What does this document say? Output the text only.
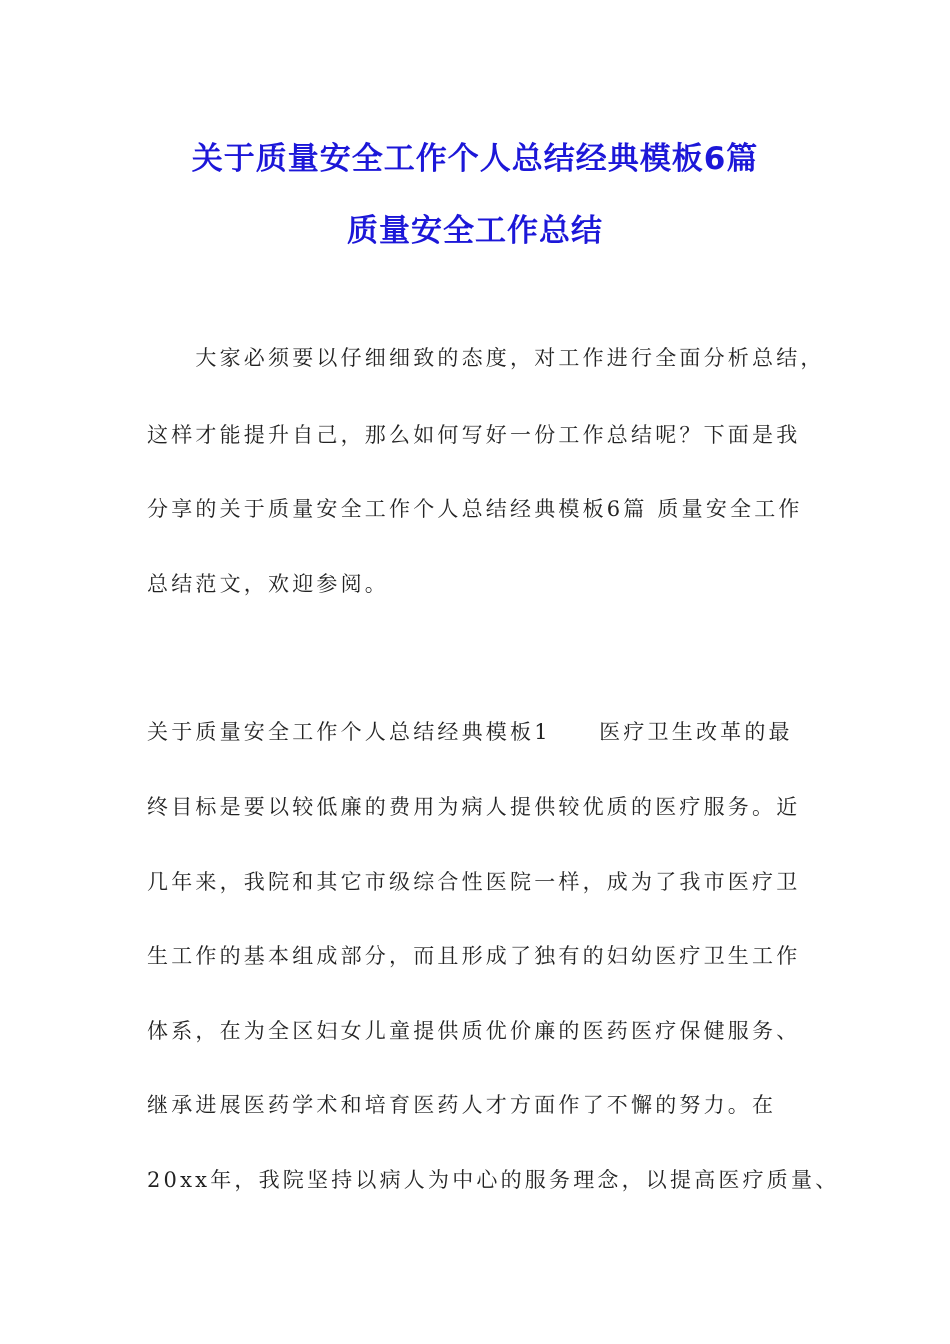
关于质量安全工作个人总结经典模板6篇
质量安全工作总结
　　大家必须要以仔细细致的态度，对工作进行全面分析总结，
这样才能提升自己，那么如何写好一份工作总结呢？下面是我
分享的关于质量安全工作个人总结经典模板6篇 质量安全工作
总结范文，欢迎参阅。
关于质量安全工作个人总结经典模板1　　医疗卫生改革的最
终目标是要以较低廉的费用为病人提供较优质的医疗服务。近
几年来，我院和其它市级综合性医院一样，成为了我市医疗卫
生工作的基本组成部分，而且形成了独有的妇幼医疗卫生工作
体系，在为全区妇女儿童提供质优价廉的医药医疗保健服务、
继承进展医药学术和培育医药人才方面作了不懈的努力。在
20xx年，我院坚持以病人为中心的服务理念，以提高医疗质量、
